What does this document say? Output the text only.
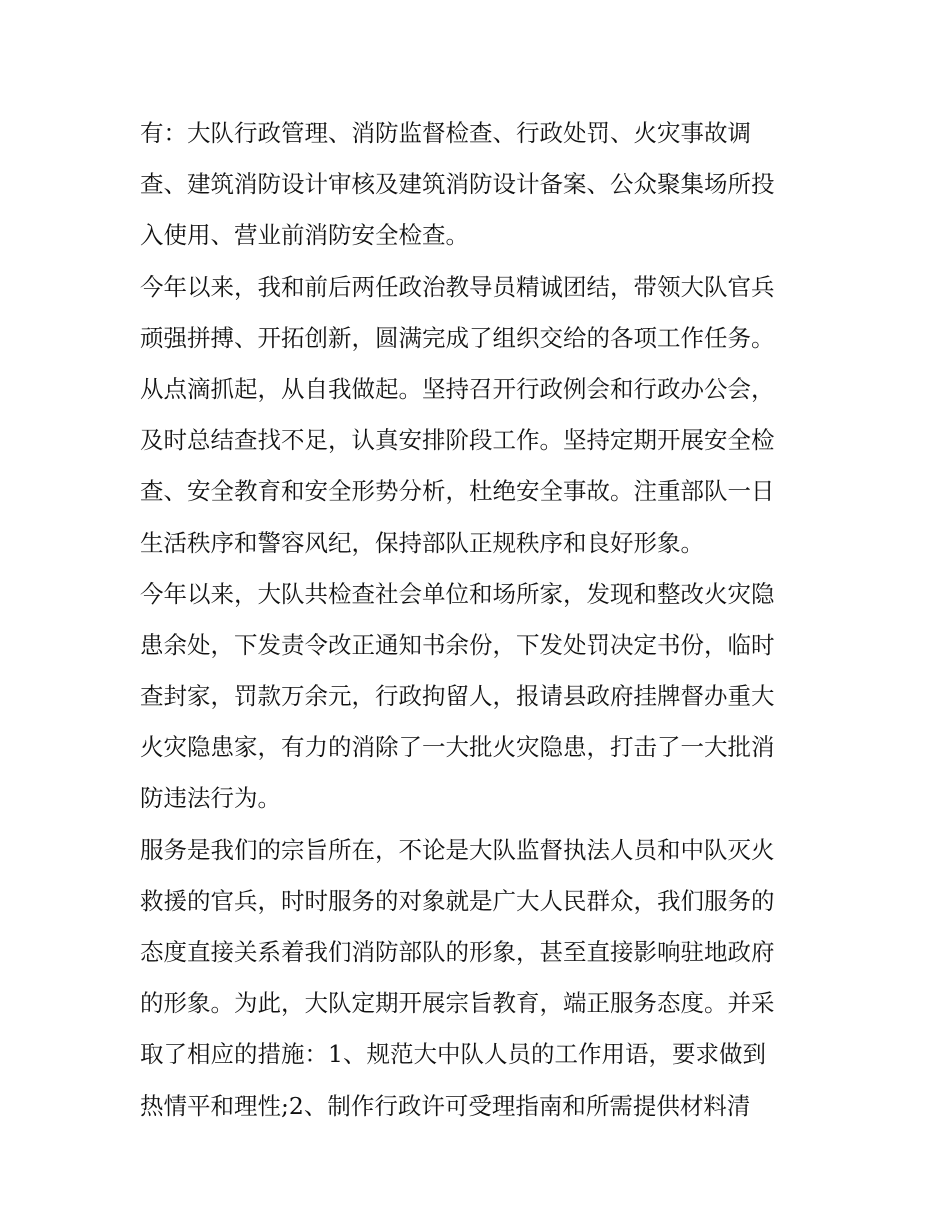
有：大队行政管理、消防监督检查、行政处罚、火灾事故调
查、建筑消防设计审核及建筑消防设计备案、公众聚集场所投
入使用、营业前消防安全检查。
今年以来，我和前后两任政治教导员精诚团结，带领大队官兵
顽强拼搏、开拓创新，圆满完成了组织交给的各项工作任务。
从点滴抓起，从自我做起。坚持召开行政例会和行政办公会，
及时总结查找不足，认真安排阶段工作。坚持定期开展安全检
查、安全教育和安全形势分析，杜绝安全事故。注重部队一日
生活秩序和警容风纪，保持部队正规秩序和良好形象。
今年以来，大队共检查社会单位和场所家，发现和整改火灾隐
患余处，下发责令改正通知书余份，下发处罚决定书份，临时
查封家，罚款万余元，行政拘留人，报请县政府挂牌督办重大
火灾隐患家，有力的消除了一大批火灾隐患，打击了一大批消
防违法行为。
服务是我们的宗旨所在，不论是大队监督执法人员和中队灭火
救援的官兵，时时服务的对象就是广大人民群众，我们服务的
态度直接关系着我们消防部队的形象，甚至直接影响驻地政府
的形象。为此，大队定期开展宗旨教育，端正服务态度。并采
取了相应的措施：1、规范大中队人员的工作用语，要求做到
热情平和理性;2、制作行政许可受理指南和所需提供材料清
